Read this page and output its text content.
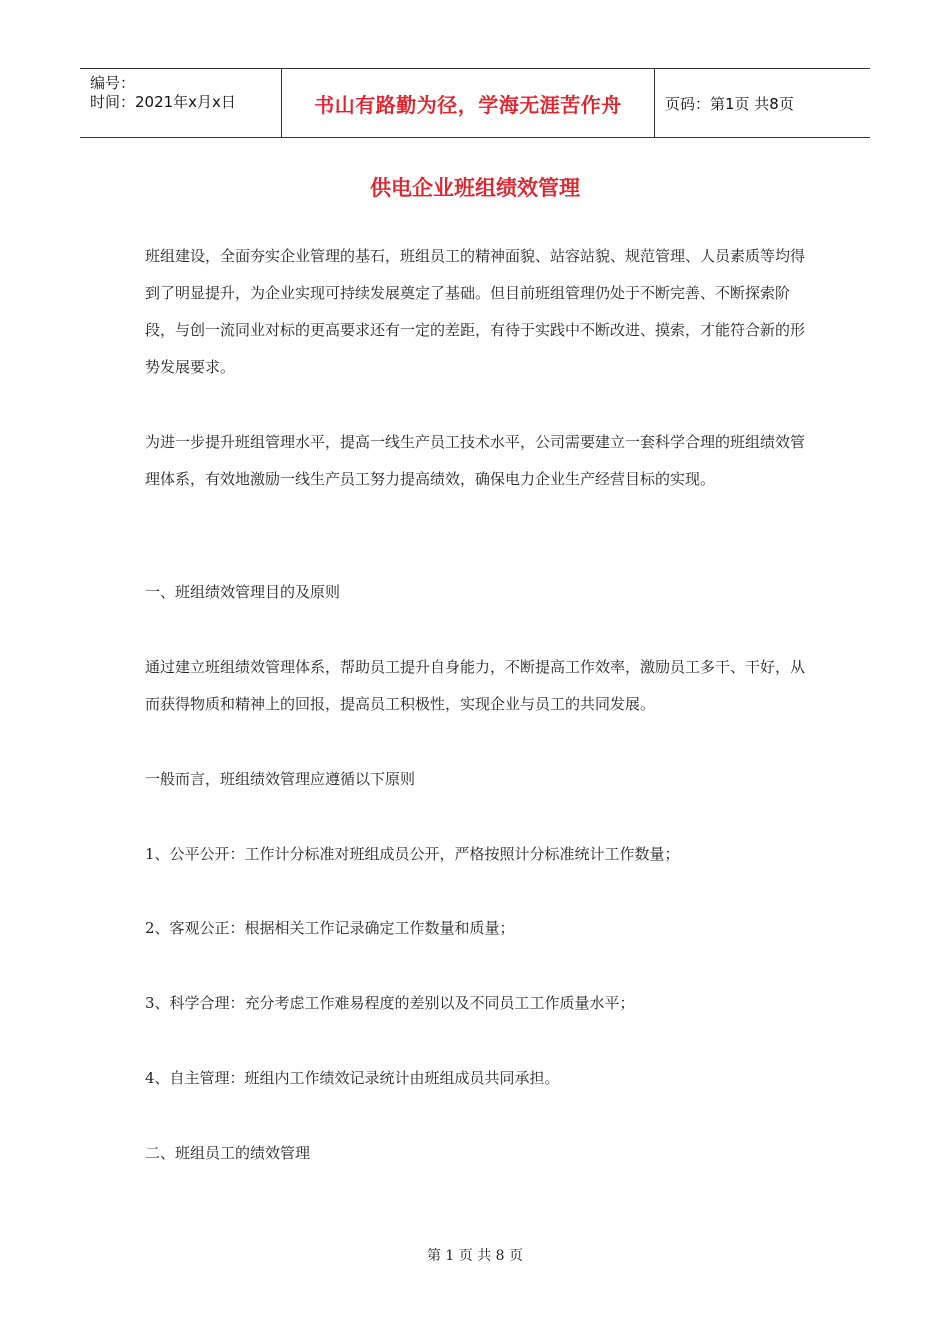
编号：
时间：2021年x月x日	书山有路勤为径，学海无涯苦作舟	页码：第1页 共8页
供电企业班组绩效管理

班组建设，全面夯实企业管理的基石，班组员工的精神面貌、站容站貌、规范管理、人员素质等均得到了明显提升，为企业实现可持续发展奠定了基础。但目前班组管理仍处于不断完善、不断探索阶段，与创一流同业对标的更高要求还有一定的差距，有待于实践中不断改进、摸索，才能符合新的形势发展要求。

为进一步提升班组管理水平，提高一线生产员工技术水平，公司需要建立一套科学合理的班组绩效管理体系，有效地激励一线生产员工努力提高绩效，确保电力企业生产经营目标的实现。

一、班组绩效管理目的及原则

通过建立班组绩效管理体系，帮助员工提升自身能力，不断提高工作效率，激励员工多干、干好，从而获得物质和精神上的回报，提高员工积极性，实现企业与员工的共同发展。

一般而言，班组绩效管理应遵循以下原则

1、公平公开：工作计分标准对班组成员公开，严格按照计分标准统计工作数量；

2、客观公正：根据相关工作记录确定工作数量和质量；

3、科学合理：充分考虑工作难易程度的差别以及不同员工工作质量水平；

4、自主管理：班组内工作绩效记录统计由班组成员共同承担。

二、班组员工的绩效管理

第 1 页 共 8 页
